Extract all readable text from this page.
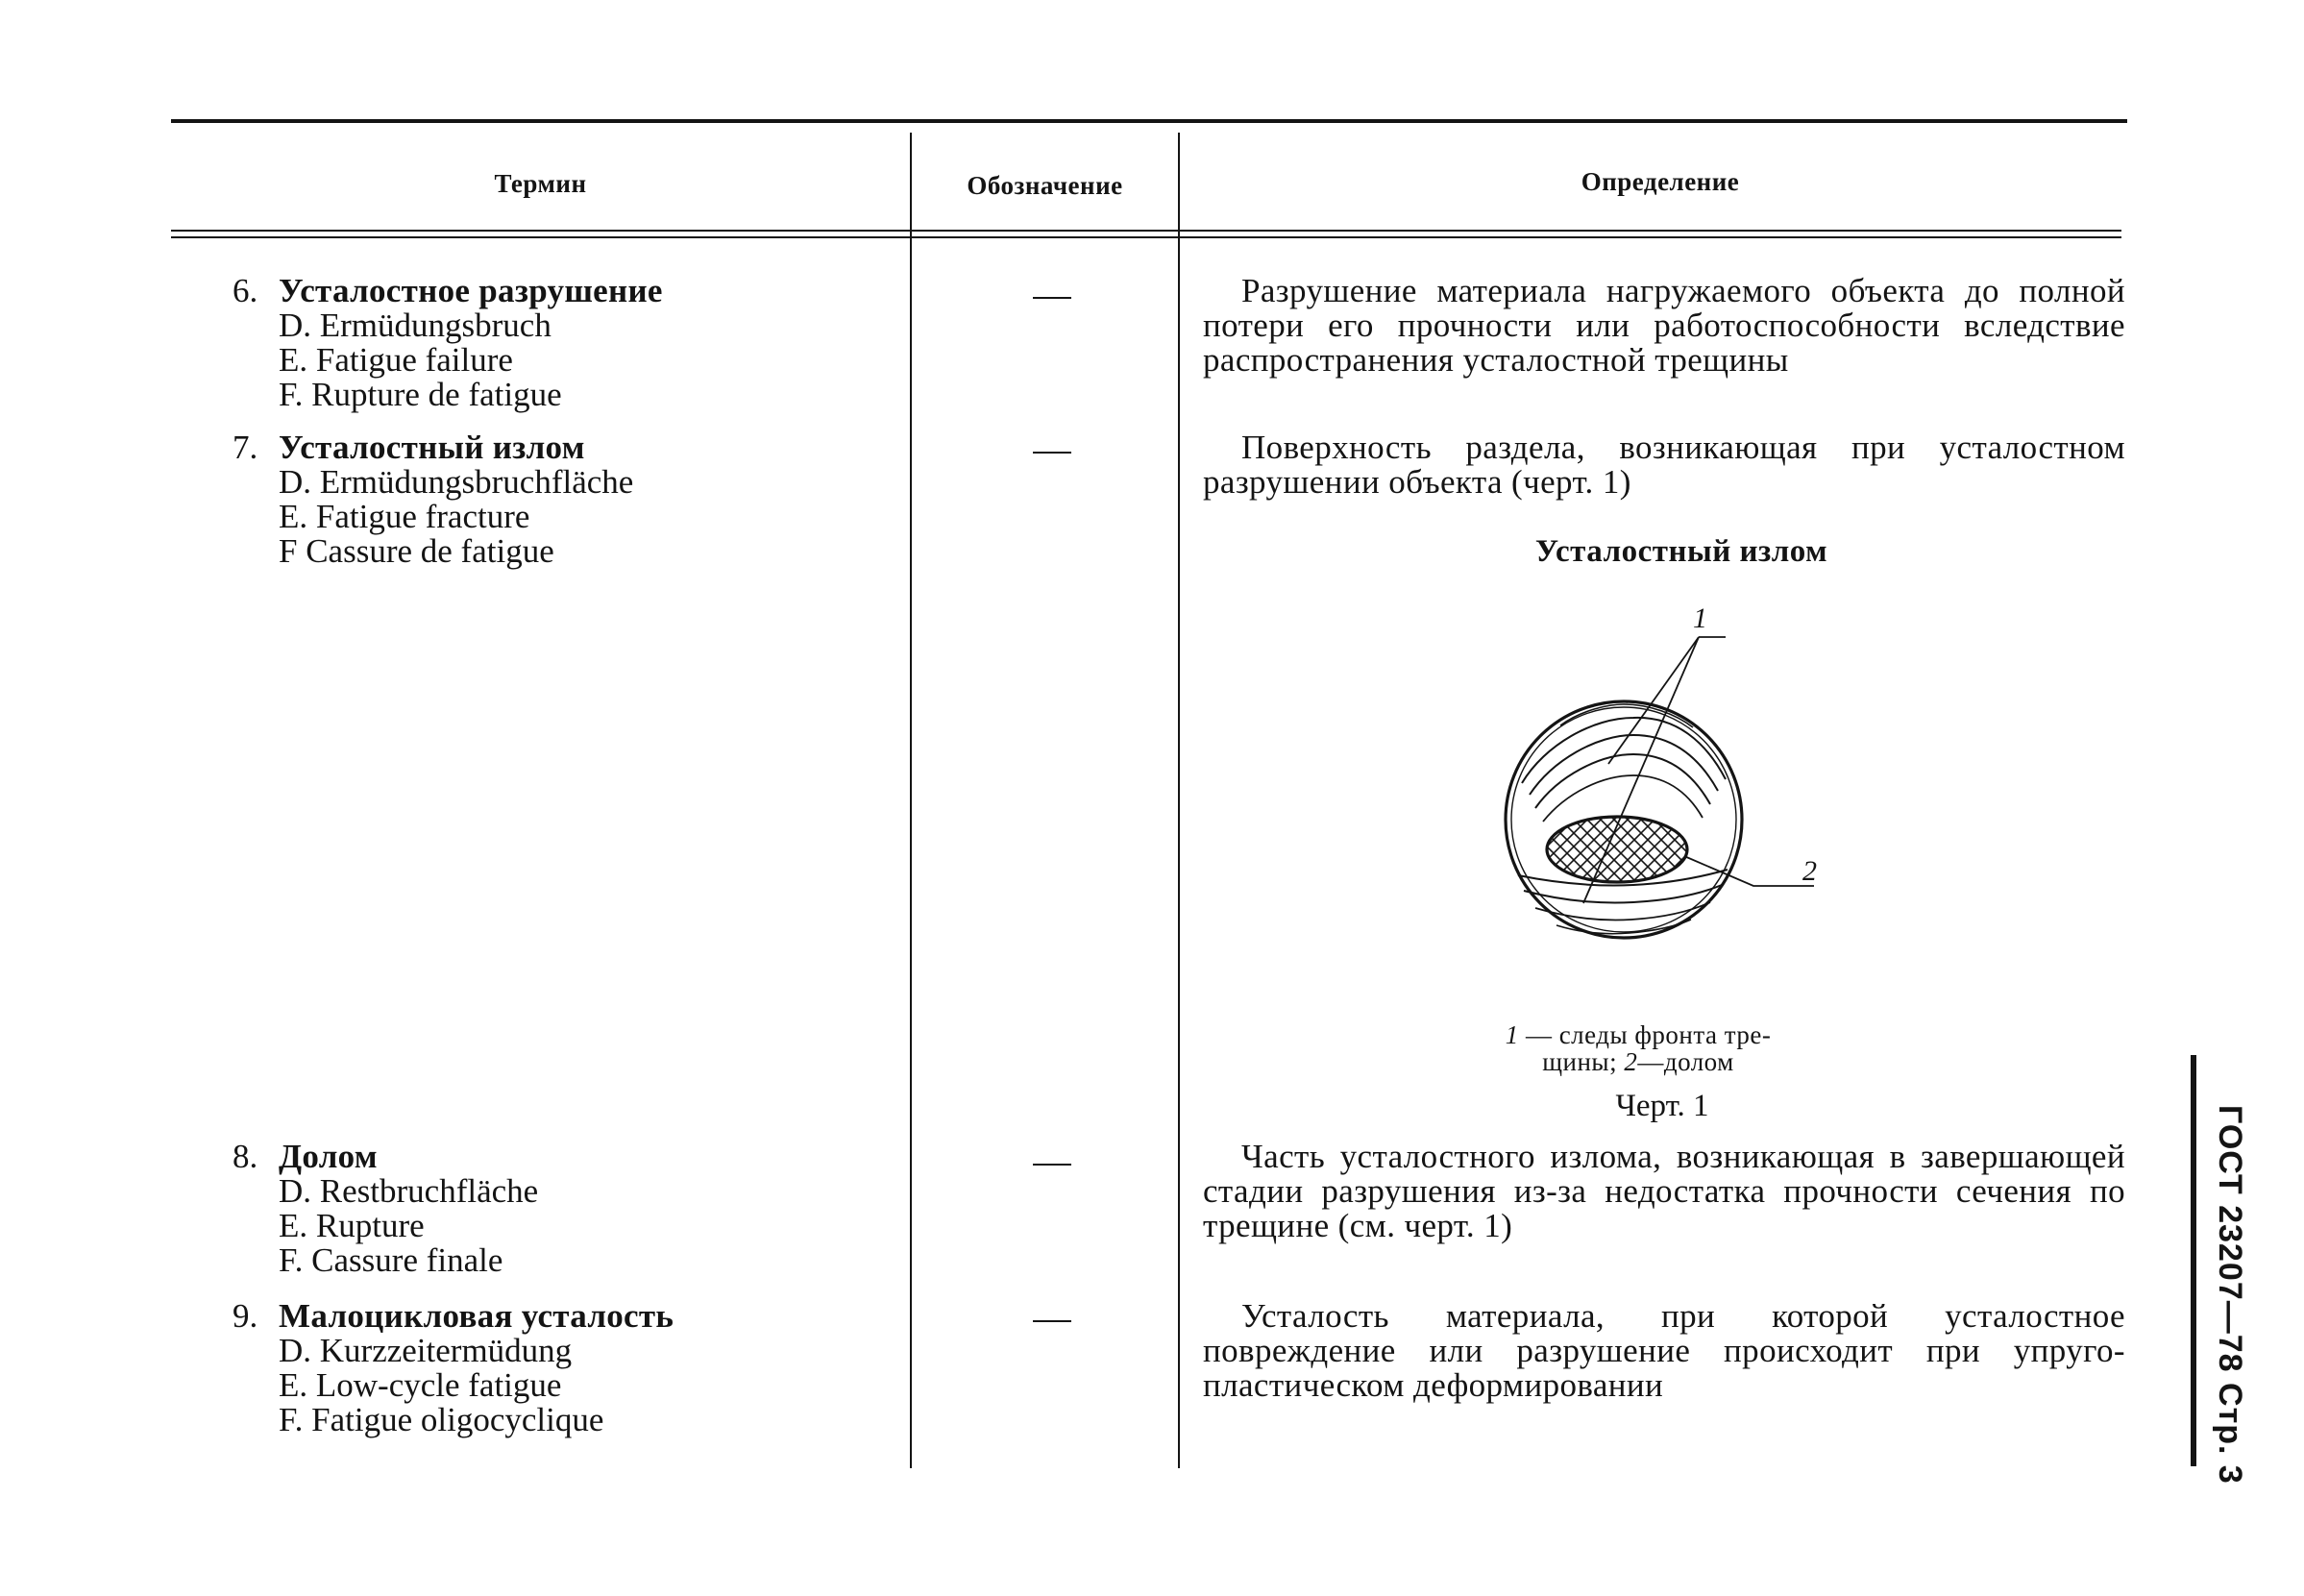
Термин	Обозначение	Определение
6. Усталостное разрушение
D. Ermüdungsbruch
E. Fatigue failure
F. Rupture de fatigue
Разрушение материала нагружаемого объекта до полной потери его прочности или работоспособности вследствие распространения усталостной трещины
7. Усталостный излом
D. Ermüdungsbruchfläche
E. Fatigue fracture
F Cassure de fatigue
Поверхность раздела, возникающая при усталостном разрушении объекта (черт. 1)
Усталостный излом
1
2
1 — следы фронта тре-
щины; 2—долом
Черт. 1
8. Долом
D. Restbruchfläche
E. Rupture
F. Cassure finale
Часть усталостного излома, возникающая в завершающей стадии разрушения из-за недостатка прочности сечения по трещине (см. черт. 1)
9. Малоцикловая усталость
D. Kurzzeitermüdung
E. Low-cycle fatigue
F. Fatigue oligocyclique
Усталость материала, при которой усталостное повреждение или разрушение происходит при упруго-пластическом деформировании
ГОСТ 23207—78 Стр. 3
